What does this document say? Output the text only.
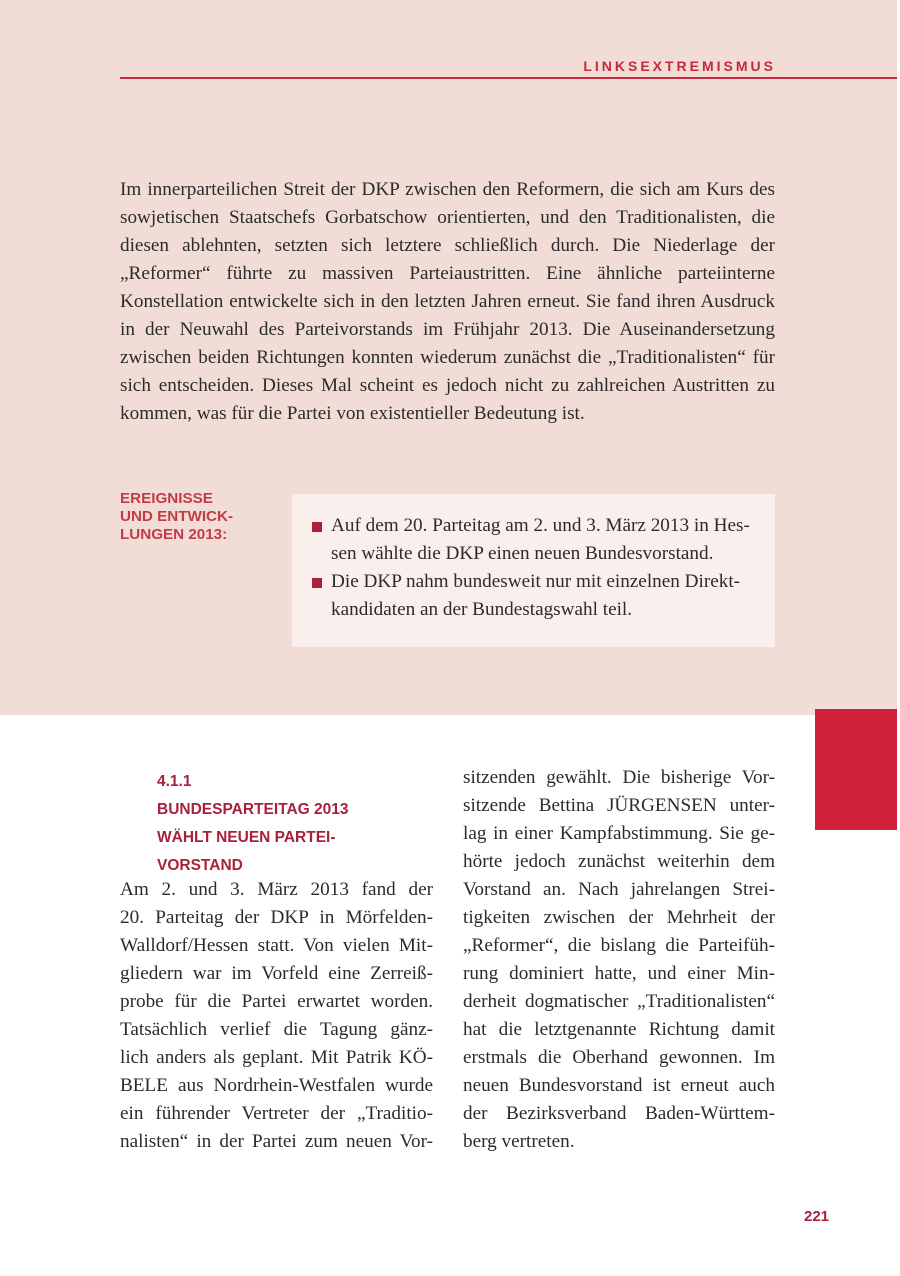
LINKSEXTREMISMUS

Im innerparteilichen Streit der DKP zwischen den Reformern, die sich am Kurs des sowjetischen Staatschefs Gorbatschow orientierten, und den Traditionalisten, die diesen ablehnten, setzten sich letztere schließlich durch. Die Niederlage der „Reformer“ führte zu massiven Parteiaustritten. Eine ähnliche parteiinterne Konstellation entwickelte sich in den letzten Jahren erneut. Sie fand ihren Ausdruck in der Neuwahl des Parteivorstands im Frühjahr 2013. Die Auseinandersetzung zwischen beiden Richtungen konnten wiederum zunächst die „Traditionalisten“ für sich entscheiden. Dieses Mal scheint es jedoch nicht zu zahlreichen Austritten zu kommen, was für die Partei von existentieller Bedeutung ist.

EREIGNISSE
UND ENTWICK-
LUNGEN 2013:	Auf dem 20. Parteitag am 2. und 3. März 2013 in Hes-
sen wählte die DKP einen neuen Bundesvorstand.
Die DKP nahm bundesweit nur mit einzelnen Direkt-
kandidaten an der Bundestagswahl teil.
4.1.1
BUNDESPARTEITAG 2013
WÄHLT NEUEN PARTEI-
VORSTAND
Am 2. und 3. März 2013 fand der
20. Parteitag der DKP in Mörfelden-
Walldorf/Hessen statt. Von vielen Mit-
gliedern war im Vorfeld eine Zerreiß-
probe für die Partei erwartet worden.
Tatsächlich verlief die Tagung gänz-
lich anders als geplant. Mit Patrik KÖ-
BELE aus Nordrhein-Westfalen wurde
ein führender Vertreter der „Traditio-
nalisten“ in der Partei zum neuen Vor-
sitzenden gewählt. Die bisherige Vor-
sitzende Bettina JÜRGENSEN unter-
lag in einer Kampfabstimmung. Sie ge-
hörte jedoch zunächst weiterhin dem
Vorstand an. Nach jahrelangen Strei-
tigkeiten zwischen der Mehrheit der
„Reformer“, die bislang die Parteifüh-
rung dominiert hatte, und einer Min-
derheit dogmatischer „Traditionalisten“
hat die letztgenannte Richtung damit
erstmals die Oberhand gewonnen. Im
neuen Bundesvorstand ist erneut auch
der Bezirksverband Baden-Württem-
berg vertreten.
221
